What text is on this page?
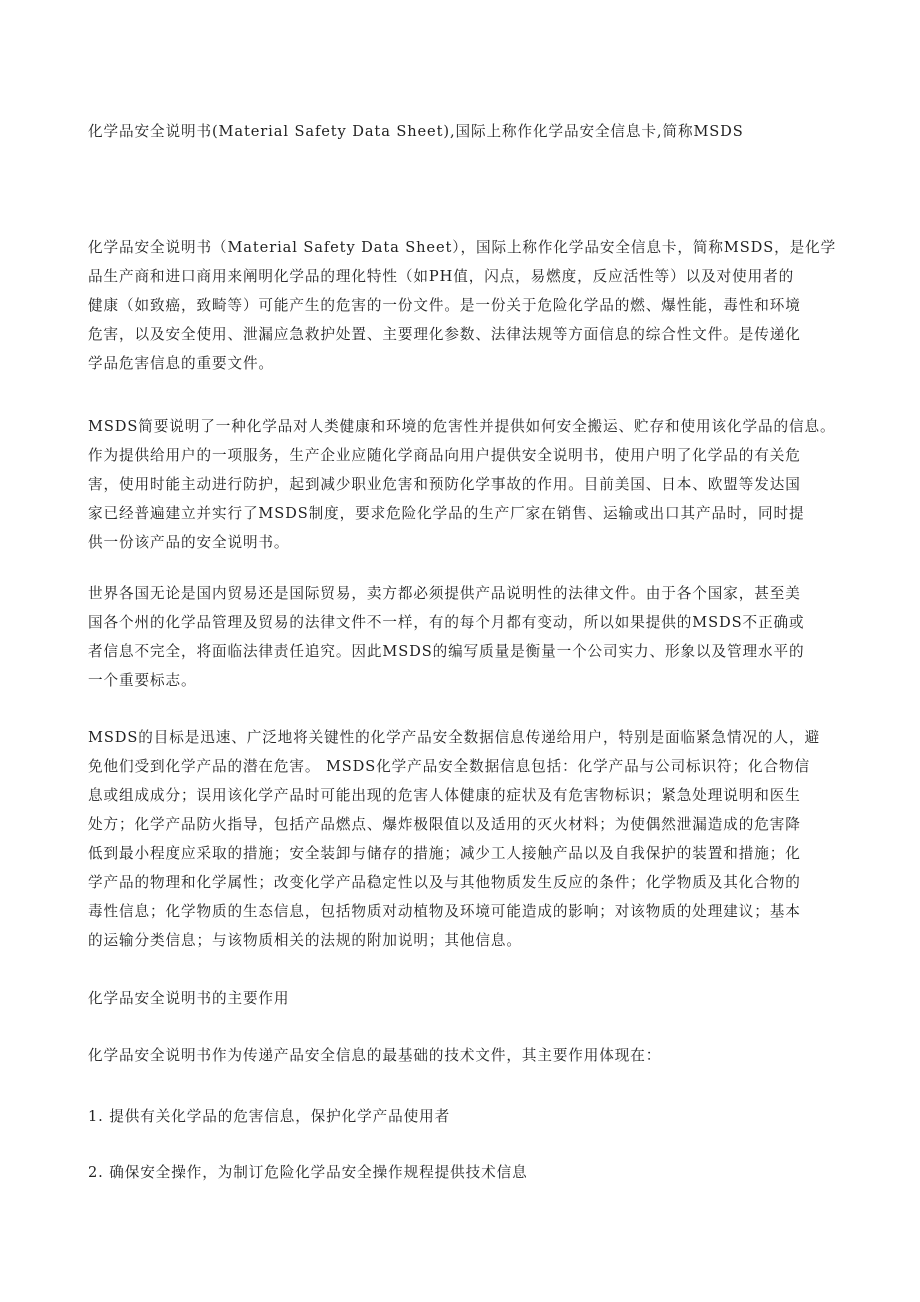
化学品安全说明书(Material Safety Data Sheet),国际上称作化学品安全信息卡,简称MSDS
化学品安全说明书（Material Safety Data Sheet），国际上称作化学品安全信息卡，简称MSDS，是化学
品生产商和进口商用来阐明化学品的理化特性（如PH值，闪点，易燃度，反应活性等）以及对使用者的
健康（如致癌，致畸等）可能产生的危害的一份文件。是一份关于危险化学品的燃、爆性能，毒性和环境
危害，以及安全使用、泄漏应急救护处置、主要理化参数、法律法规等方面信息的综合性文件。是传递化
学品危害信息的重要文件。
MSDS简要说明了一种化学品对人类健康和环境的危害性并提供如何安全搬运、贮存和使用该化学品的信息。
作为提供给用户的一项服务，生产企业应随化学商品向用户提供安全说明书，使用户明了化学品的有关危
害，使用时能主动进行防护，起到减少职业危害和预防化学事故的作用。目前美国、日本、欧盟等发达国
家已经普遍建立并实行了MSDS制度，要求危险化学品的生产厂家在销售、运输或出口其产品时，同时提
供一份该产品的安全说明书。
世界各国无论是国内贸易还是国际贸易，卖方都必须提供产品说明性的法律文件。由于各个国家，甚至美
国各个州的化学品管理及贸易的法律文件不一样，有的每个月都有变动，所以如果提供的MSDS不正确或
者信息不完全，将面临法律责任追究。因此MSDS的编写质量是衡量一个公司实力、形象以及管理水平的
一个重要标志。
MSDS的目标是迅速、广泛地将关键性的化学产品安全数据信息传递给用户，特别是面临紧急情况的人，避
免他们受到化学产品的潜在危害。 MSDS化学产品安全数据信息包括：化学产品与公司标识符；化合物信
息或组成成分；误用该化学产品时可能出现的危害人体健康的症状及有危害物标识；紧急处理说明和医生
处方；化学产品防火指导，包括产品燃点、爆炸极限值以及适用的灭火材料；为使偶然泄漏造成的危害降
低到最小程度应采取的措施；安全装卸与储存的措施；减少工人接触产品以及自我保护的装置和措施；化
学产品的物理和化学属性；改变化学产品稳定性以及与其他物质发生反应的条件；化学物质及其化合物的
毒性信息；化学物质的生态信息，包括物质对动植物及环境可能造成的影响；对该物质的处理建议；基本
的运输分类信息；与该物质相关的法规的附加说明；其他信息。
化学品安全说明书的主要作用
化学品安全说明书作为传递产品安全信息的最基础的技术文件，其主要作用体现在：
1. 提供有关化学品的危害信息，保护化学产品使用者
2. 确保安全操作，为制订危险化学品安全操作规程提供技术信息
